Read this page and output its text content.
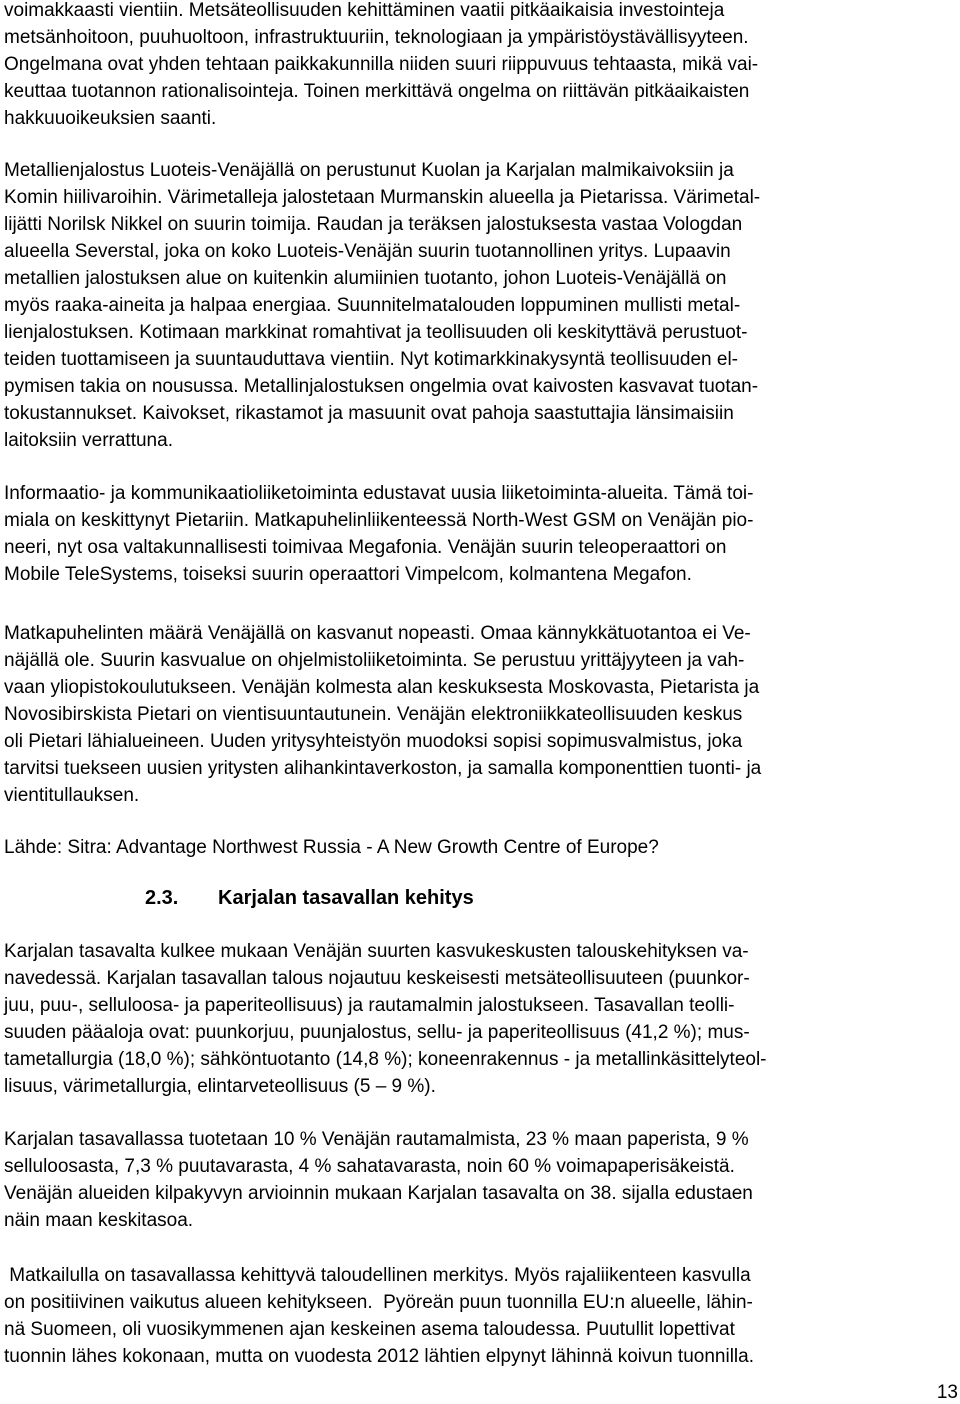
voimakkaasti vientiin. Metsäteollisuuden kehittäminen vaatii pitkäaikaisia investointeja
metsänhoitoon, puuhuoltoon, infrastruktuuriin, teknologiaan ja ympäristöystävällisyyteen.
Ongelmana ovat yhden tehtaan paikkakunnilla niiden suuri riippuvuus tehtaasta, mikä vai-
keuttaa tuotannon rationalisointeja. Toinen merkittävä ongelma on riittävän pitkäaikaisten
hakkuuoikeuksien saanti.
Metallienjalostus Luoteis-Venäjällä on perustunut Kuolan ja Karjalan malmikaivoksiin ja
Komin hiilivaroihin. Värimetalleja jalostetaan Murmanskin alueella ja Pietarissa. Värimetal-
lijätti Norilsk Nikkel on suurin toimija. Raudan ja teräksen jalostuksesta vastaa Vologdan
alueella Severstal, joka on koko Luoteis-Venäjän suurin tuotannollinen yritys. Lupaavin
metallien jalostuksen alue on kuitenkin alumiinien tuotanto, johon Luoteis-Venäjällä on
myös raaka-aineita ja halpaa energiaa. Suunnitelmatalouden loppuminen mullisti metal-
lienjalostuksen. Kotimaan markkinat romahtivat ja teollisuuden oli keskityttävä perustuot-
teiden tuottamiseen ja suuntauduttava vientiin. Nyt kotimarkkinakysyntä teollisuuden el-
pymisen takia on nousussa. Metallinjalostuksen ongelmia ovat kaivosten kasvavat tuotan-
tokustannukset. Kaivokset, rikastamot ja masuunit ovat pahoja saastuttajia länsimaisiin
laitoksiin verrattuna.
Informaatio- ja kommunikaatioliiketoiminta edustavat uusia liiketoiminta-alueita. Tämä toi-
miala on keskittynyt Pietariin. Matkapuhelinliikenteessä North-West GSM on Venäjän pio-
neeri, nyt osa valtakunnallisesti toimivaa Megafonia. Venäjän suurin teleoperaattori on
Mobile TeleSystems, toiseksi suurin operaattori Vimpelcom, kolmantena Megafon.
Matkapuhelinten määrä Venäjällä on kasvanut nopeasti. Omaa kännykkätuotantoa ei Ve-
näjällä ole. Suurin kasvualue on ohjelmistoliiketoiminta. Se perustuu yrittäjyyteen ja vah-
vaan yliopistokoulutukseen. Venäjän kolmesta alan keskuksesta Moskovasta, Pietarista ja
Novosibirskista Pietari on vientisuuntautunein. Venäjän elektroniikkateollisuuden keskus
oli Pietari lähialueineen. Uuden yritysyhteistyön muodoksi sopisi sopimusvalmistus, joka
tarvitsi tuekseen uusien yritysten alihankintaverkoston, ja samalla komponenttien tuonti- ja
vientitullauksen.
Lähde: Sitra: Advantage Northwest Russia - A New Growth Centre of Europe?
2.3. Karjalan tasavallan kehitys
Karjalan tasavalta kulkee mukaan Venäjän suurten kasvukeskusten talouskehityksen va-
navedessä. Karjalan tasavallan talous nojautuu keskeisesti metsäteollisuuteen (puunkor-
juu, puu-, selluloosa- ja paperiteollisuus) ja rautamalmin jalostukseen. Tasavallan teolli-
suuden pääaloja ovat: puunkorjuu, puunjalostus, sellu- ja paperiteollisuus (41,2 %); mus-
tametallurgia (18,0 %); sähköntuotanto (14,8 %); koneenrakennus - ja metallinkäsittelyteol-
lisuus, värimetallurgia, elintarveteollisuus (5 – 9 %).
Karjalan tasavallassa tuotetaan 10 % Venäjän rautamalmista, 23 % maan paperista, 9 %
selluloosasta, 7,3 % puutavarasta, 4 % sahatavarasta, noin 60 % voimapaperisäkeistä.
Venäjän alueiden kilpakyvyn arvioinnin mukaan Karjalan tasavalta on 38. sijalla edustaen
näin maan keskitasoa.
Matkailulla on tasavallassa kehittyvä taloudellinen merkitys. Myös rajaliikenteen kasvulla
on positiivinen vaikutus alueen kehitykseen.  Pyöreän puun tuonnilla EU:n alueelle, lähin-
nä Suomeen, oli vuosikymmenen ajan keskeinen asema taloudessa. Puutullit lopettivat
tuonnin lähes kokonaan, mutta on vuodesta 2012 lähtien elpynyt lähinnä koivun tuonnilla.
13
